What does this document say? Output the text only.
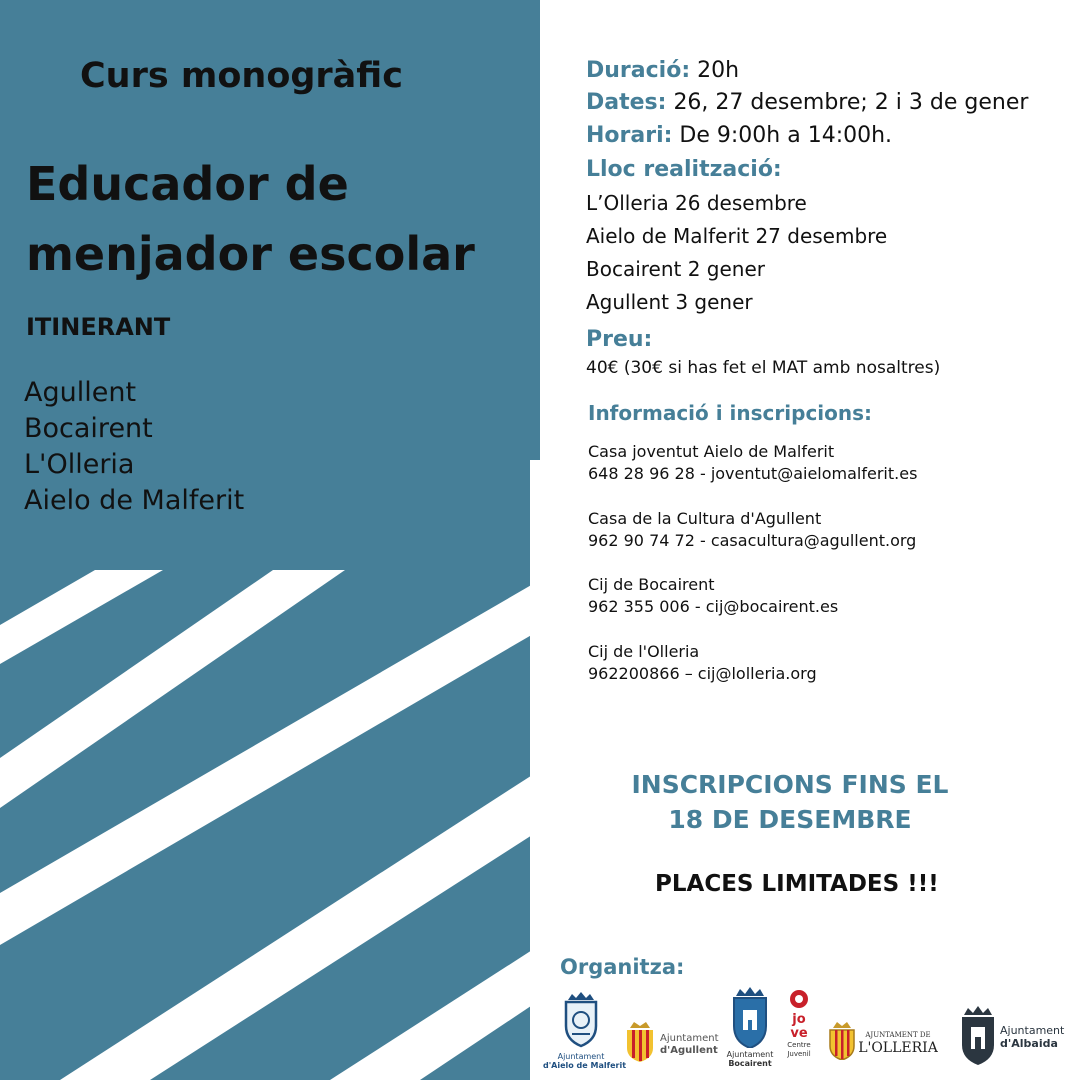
Curs monogràfic
Educador de
menjador escolar
ITINERANT
Agullent
Bocairent
L'Olleria
Aielo de Malferit
Duració: 20h
Dates: 26, 27 desembre; 2 i 3 de gener
Horari: De 9:00h a 14:00h.
Lloc realització:
L’Olleria 26 desembre
Aielo de Malferit 27 desembre
Bocairent 2 gener
Agullent 3 gener
Preu:
40€ (30€ si has fet el MAT amb nosaltres)
Informació i inscripcions:
Casa joventut Aielo de Malferit
648 28 96 28 - joventut@aielomalferit.es
Casa de la Cultura d'Agullent
962 90 74 72 - casacultura@agullent.org
Cij de Bocairent
962 355 006 - cij@bocairent.es
Cij de l'Olleria
962200866 – cij@lolleria.org
INSCRIPCIONS FINS EL
18 DE DESEMBRE
PLACES LIMITADES !!!
Organitza:
Ajuntament
d'Aielo de Malferit
Ajuntament
d'Agullent Ajuntament
Bocairent
jo
ve
Centre
Juvenil
AJUNTAMENT DE
L'OLLERIA
Ajuntament
d'Albaida
